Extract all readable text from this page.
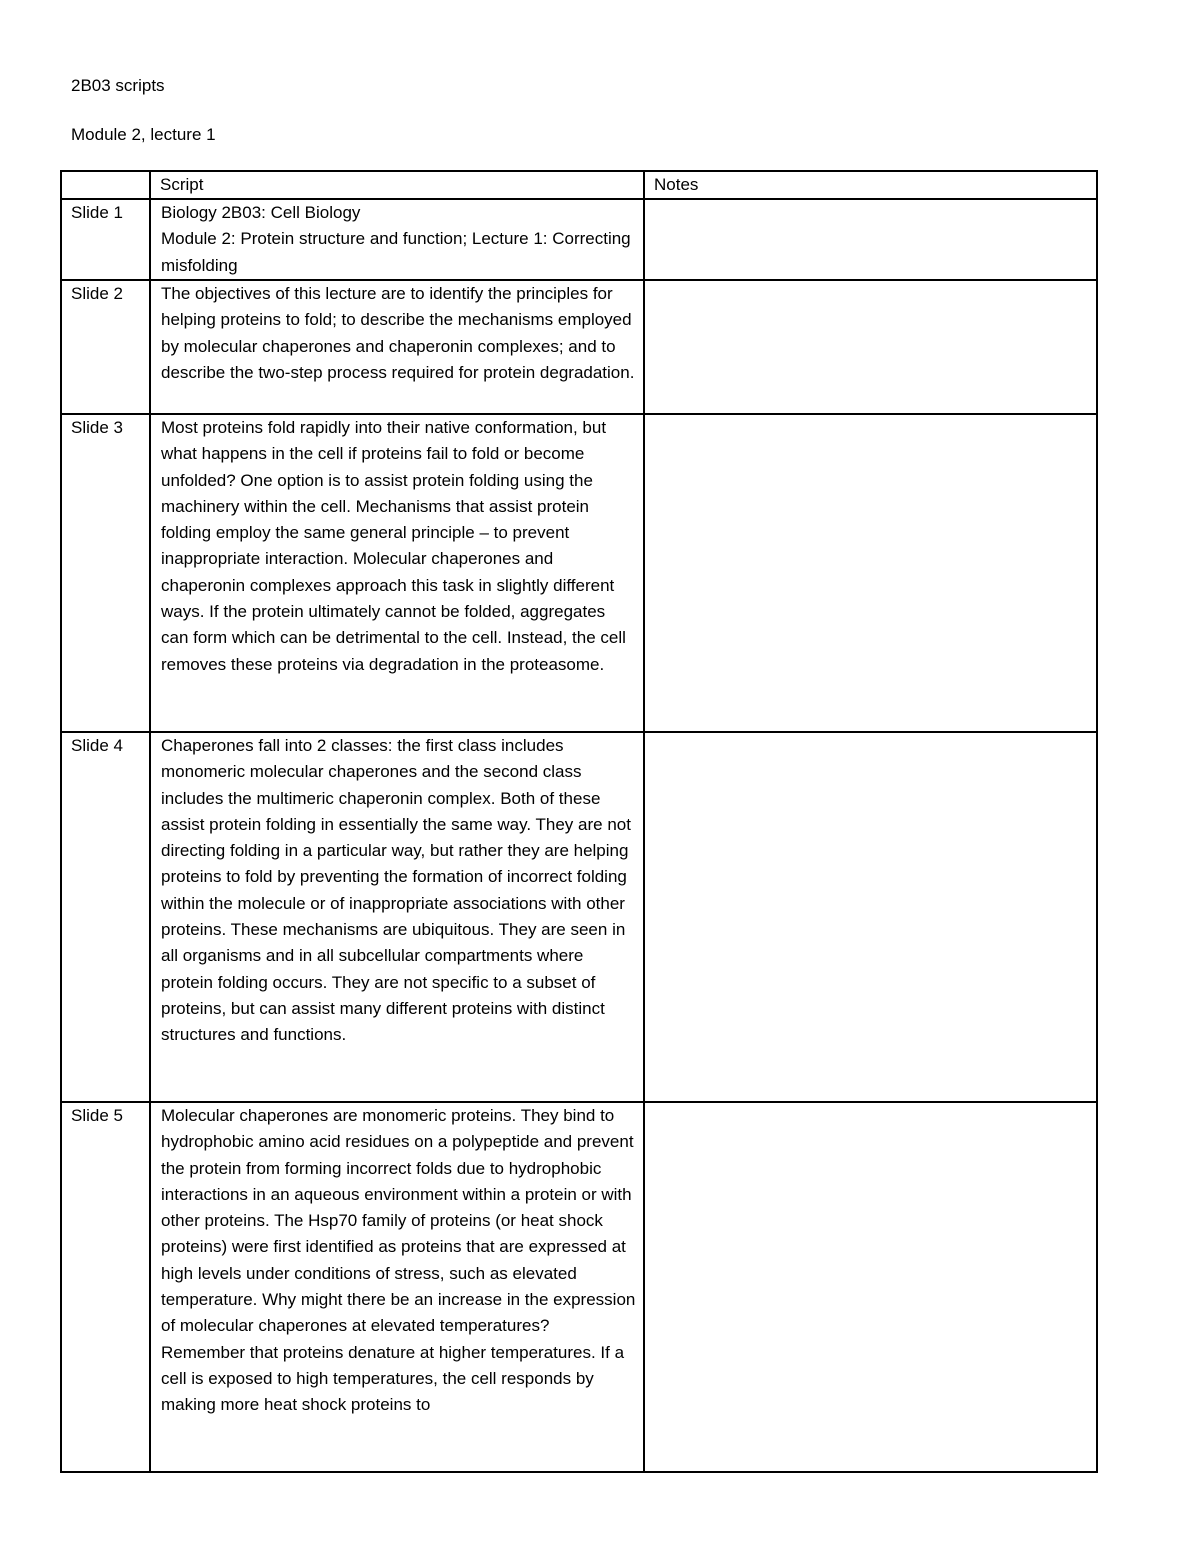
2B03 scripts

Module 2, lecture 1

	Script	Notes
Slide 1	Biology 2B03: Cell Biology
Module 2: Protein structure and function; Lecture 1: Correcting misfolding	
Slide 2	The objectives of this lecture are to identify the principles for helping proteins to fold; to describe the mechanisms employed by molecular chaperones and chaperonin complexes; and to describe the two-step process required for protein degradation.	
Slide 3	Most proteins fold rapidly into their native conformation, but what happens in the cell if proteins fail to fold or become unfolded? One option is to assist protein folding using the machinery within the cell. Mechanisms that assist protein folding employ the same general principle – to prevent inappropriate interaction. Molecular chaperones and chaperonin complexes approach this task in slightly different ways. If the protein ultimately cannot be folded, aggregates can form which can be detrimental to the cell. Instead, the cell removes these proteins via degradation in the proteasome.	
Slide 4	Chaperones fall into 2 classes: the first class includes monomeric molecular chaperones and the second class includes the multimeric chaperonin complex. Both of these assist protein folding in essentially the same way. They are not directing folding in a particular way, but rather they are helping proteins to fold by preventing the formation of incorrect folding within the molecule or of inappropriate associations with other proteins. These mechanisms are ubiquitous. They are seen in all organisms and in all subcellular compartments where protein folding occurs. They are not specific to a subset of proteins, but can assist many different proteins with distinct structures and functions.	
Slide 5	Molecular chaperones are monomeric proteins. They bind to hydrophobic amino acid residues on a polypeptide and prevent the protein from forming incorrect folds due to hydrophobic interactions in an aqueous environment within a protein or with other proteins. The Hsp70 family of proteins (or heat shock proteins) were first identified as proteins that are expressed at high levels under conditions of stress, such as elevated temperature. Why might there be an increase in the expression of molecular chaperones at elevated temperatures? Remember that proteins denature at higher temperatures. If a cell is exposed to high temperatures, the cell responds by making more heat shock proteins to	
